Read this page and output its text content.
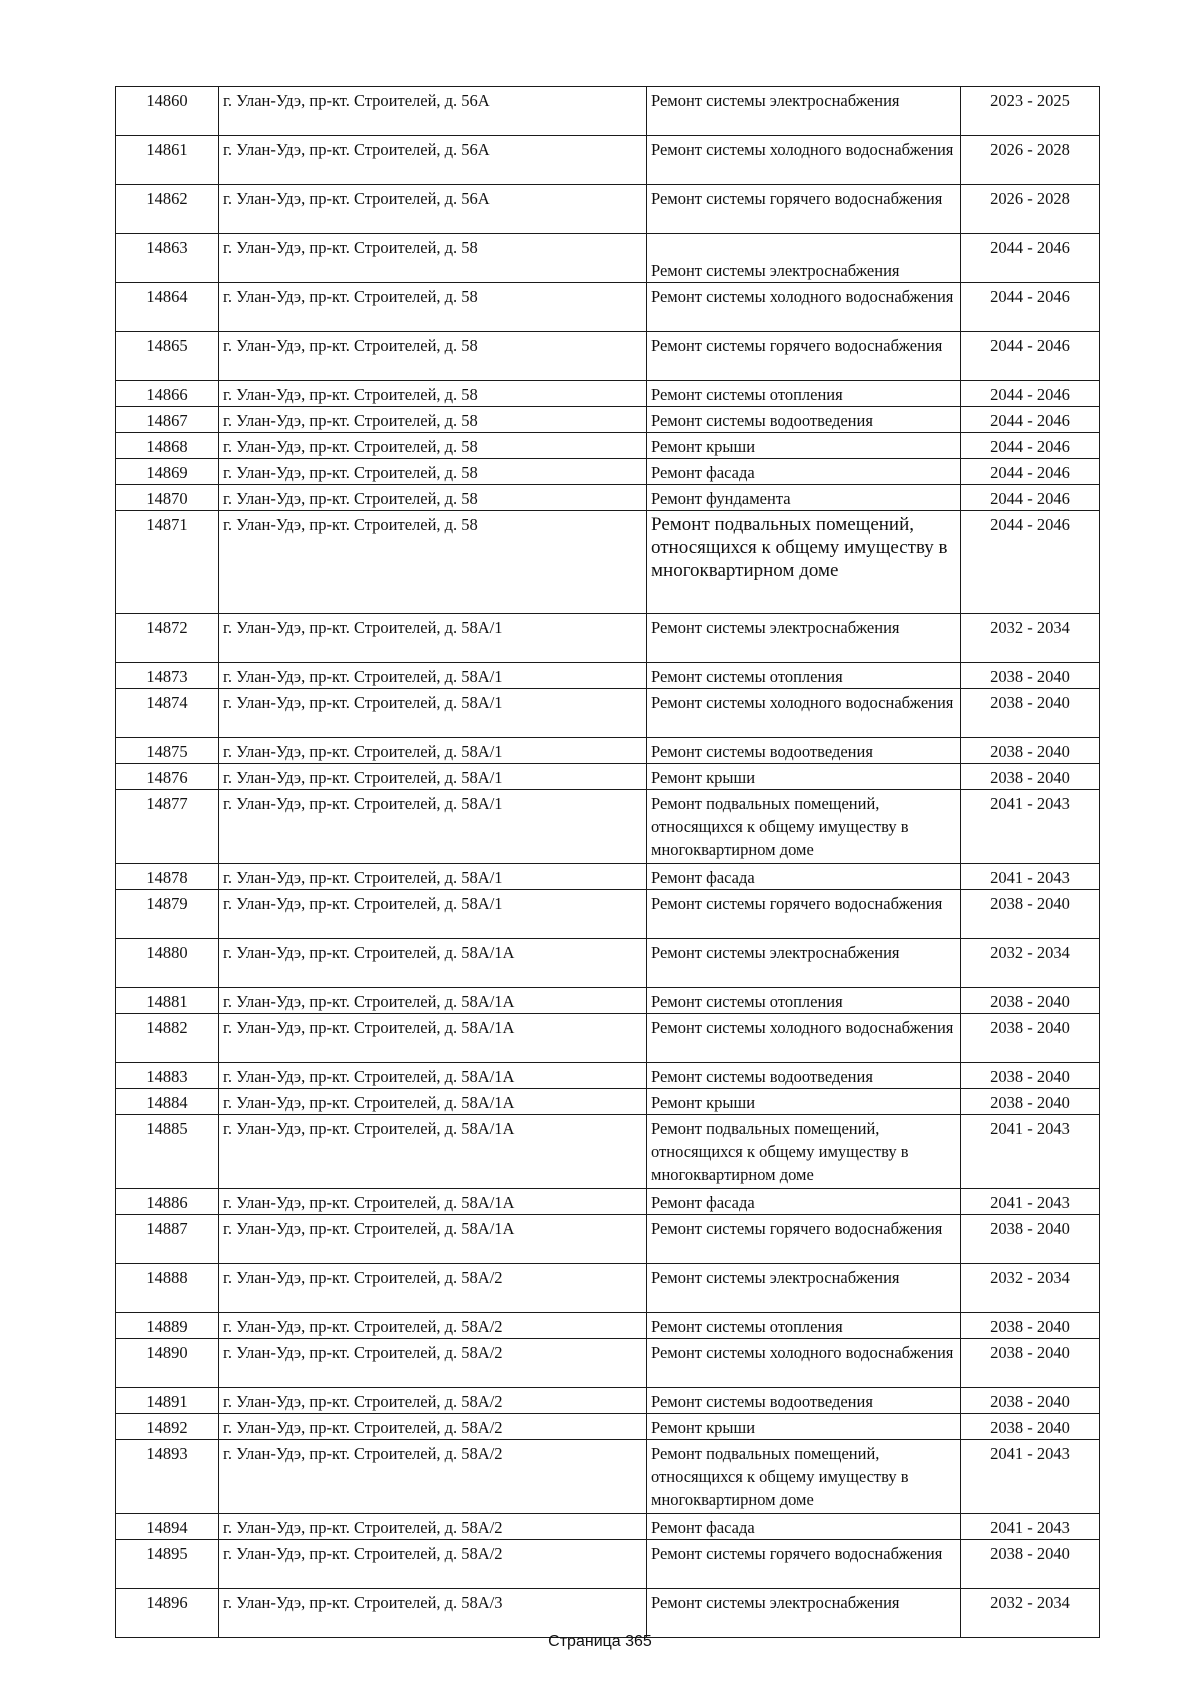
14860	г. Улан-Удэ, пр-кт. Строителей, д. 56А	Ремонт системы электроснабжения	2023 - 2025
14861	г. Улан-Удэ, пр-кт. Строителей, д. 56А	Ремонт системы холодного водоснабжения	2026 - 2028
14862	г. Улан-Удэ, пр-кт. Строителей, д. 56А	Ремонт системы горячего водоснабжения	2026 - 2028
14863	г. Улан-Удэ, пр-кт. Строителей, д. 58	Ремонт системы электроснабжения	2044 - 2046
14864	г. Улан-Удэ, пр-кт. Строителей, д. 58	Ремонт системы холодного водоснабжения	2044 - 2046
14865	г. Улан-Удэ, пр-кт. Строителей, д. 58	Ремонт системы горячего водоснабжения	2044 - 2046
14866	г. Улан-Удэ, пр-кт. Строителей, д. 58	Ремонт системы отопления	2044 - 2046
14867	г. Улан-Удэ, пр-кт. Строителей, д. 58	Ремонт системы водоотведения	2044 - 2046
14868	г. Улан-Удэ, пр-кт. Строителей, д. 58	Ремонт крыши	2044 - 2046
14869	г. Улан-Удэ, пр-кт. Строителей, д. 58	Ремонт фасада	2044 - 2046
14870	г. Улан-Удэ, пр-кт. Строителей, д. 58	Ремонт фундамента	2044 - 2046
14871	г. Улан-Удэ, пр-кт. Строителей, д. 58	Ремонт подвальных помещений, относящихся к общему имуществу в многоквартирном доме	2044 - 2046
14872	г. Улан-Удэ, пр-кт. Строителей, д. 58А/1	Ремонт системы электроснабжения	2032 - 2034
14873	г. Улан-Удэ, пр-кт. Строителей, д. 58А/1	Ремонт системы отопления	2038 - 2040
14874	г. Улан-Удэ, пр-кт. Строителей, д. 58А/1	Ремонт системы холодного водоснабжения	2038 - 2040
14875	г. Улан-Удэ, пр-кт. Строителей, д. 58А/1	Ремонт системы водоотведения	2038 - 2040
14876	г. Улан-Удэ, пр-кт. Строителей, д. 58А/1	Ремонт крыши	2038 - 2040
14877	г. Улан-Удэ, пр-кт. Строителей, д. 58А/1	Ремонт подвальных помещений, относящихся к общему имуществу в многоквартирном доме	2041 - 2043
14878	г. Улан-Удэ, пр-кт. Строителей, д. 58А/1	Ремонт фасада	2041 - 2043
14879	г. Улан-Удэ, пр-кт. Строителей, д. 58А/1	Ремонт системы горячего водоснабжения	2038 - 2040
14880	г. Улан-Удэ, пр-кт. Строителей, д. 58А/1А	Ремонт системы электроснабжения	2032 - 2034
14881	г. Улан-Удэ, пр-кт. Строителей, д. 58А/1А	Ремонт системы отопления	2038 - 2040
14882	г. Улан-Удэ, пр-кт. Строителей, д. 58А/1А	Ремонт системы холодного водоснабжения	2038 - 2040
14883	г. Улан-Удэ, пр-кт. Строителей, д. 58А/1А	Ремонт системы водоотведения	2038 - 2040
14884	г. Улан-Удэ, пр-кт. Строителей, д. 58А/1А	Ремонт крыши	2038 - 2040
14885	г. Улан-Удэ, пр-кт. Строителей, д. 58А/1А	Ремонт подвальных помещений, относящихся к общему имуществу в многоквартирном доме	2041 - 2043
14886	г. Улан-Удэ, пр-кт. Строителей, д. 58А/1А	Ремонт фасада	2041 - 2043
14887	г. Улан-Удэ, пр-кт. Строителей, д. 58А/1А	Ремонт системы горячего водоснабжения	2038 - 2040
14888	г. Улан-Удэ, пр-кт. Строителей, д. 58А/2	Ремонт системы электроснабжения	2032 - 2034
14889	г. Улан-Удэ, пр-кт. Строителей, д. 58А/2	Ремонт системы отопления	2038 - 2040
14890	г. Улан-Удэ, пр-кт. Строителей, д. 58А/2	Ремонт системы холодного водоснабжения	2038 - 2040
14891	г. Улан-Удэ, пр-кт. Строителей, д. 58А/2	Ремонт системы водоотведения	2038 - 2040
14892	г. Улан-Удэ, пр-кт. Строителей, д. 58А/2	Ремонт крыши	2038 - 2040
14893	г. Улан-Удэ, пр-кт. Строителей, д. 58А/2	Ремонт подвальных помещений, относящихся к общему имуществу в многоквартирном доме	2041 - 2043
14894	г. Улан-Удэ, пр-кт. Строителей, д. 58А/2	Ремонт фасада	2041 - 2043
14895	г. Улан-Удэ, пр-кт. Строителей, д. 58А/2	Ремонт системы горячего водоснабжения	2038 - 2040
14896	г. Улан-Удэ, пр-кт. Строителей, д. 58А/3	Ремонт системы электроснабжения	2032 - 2034
Страница 365
